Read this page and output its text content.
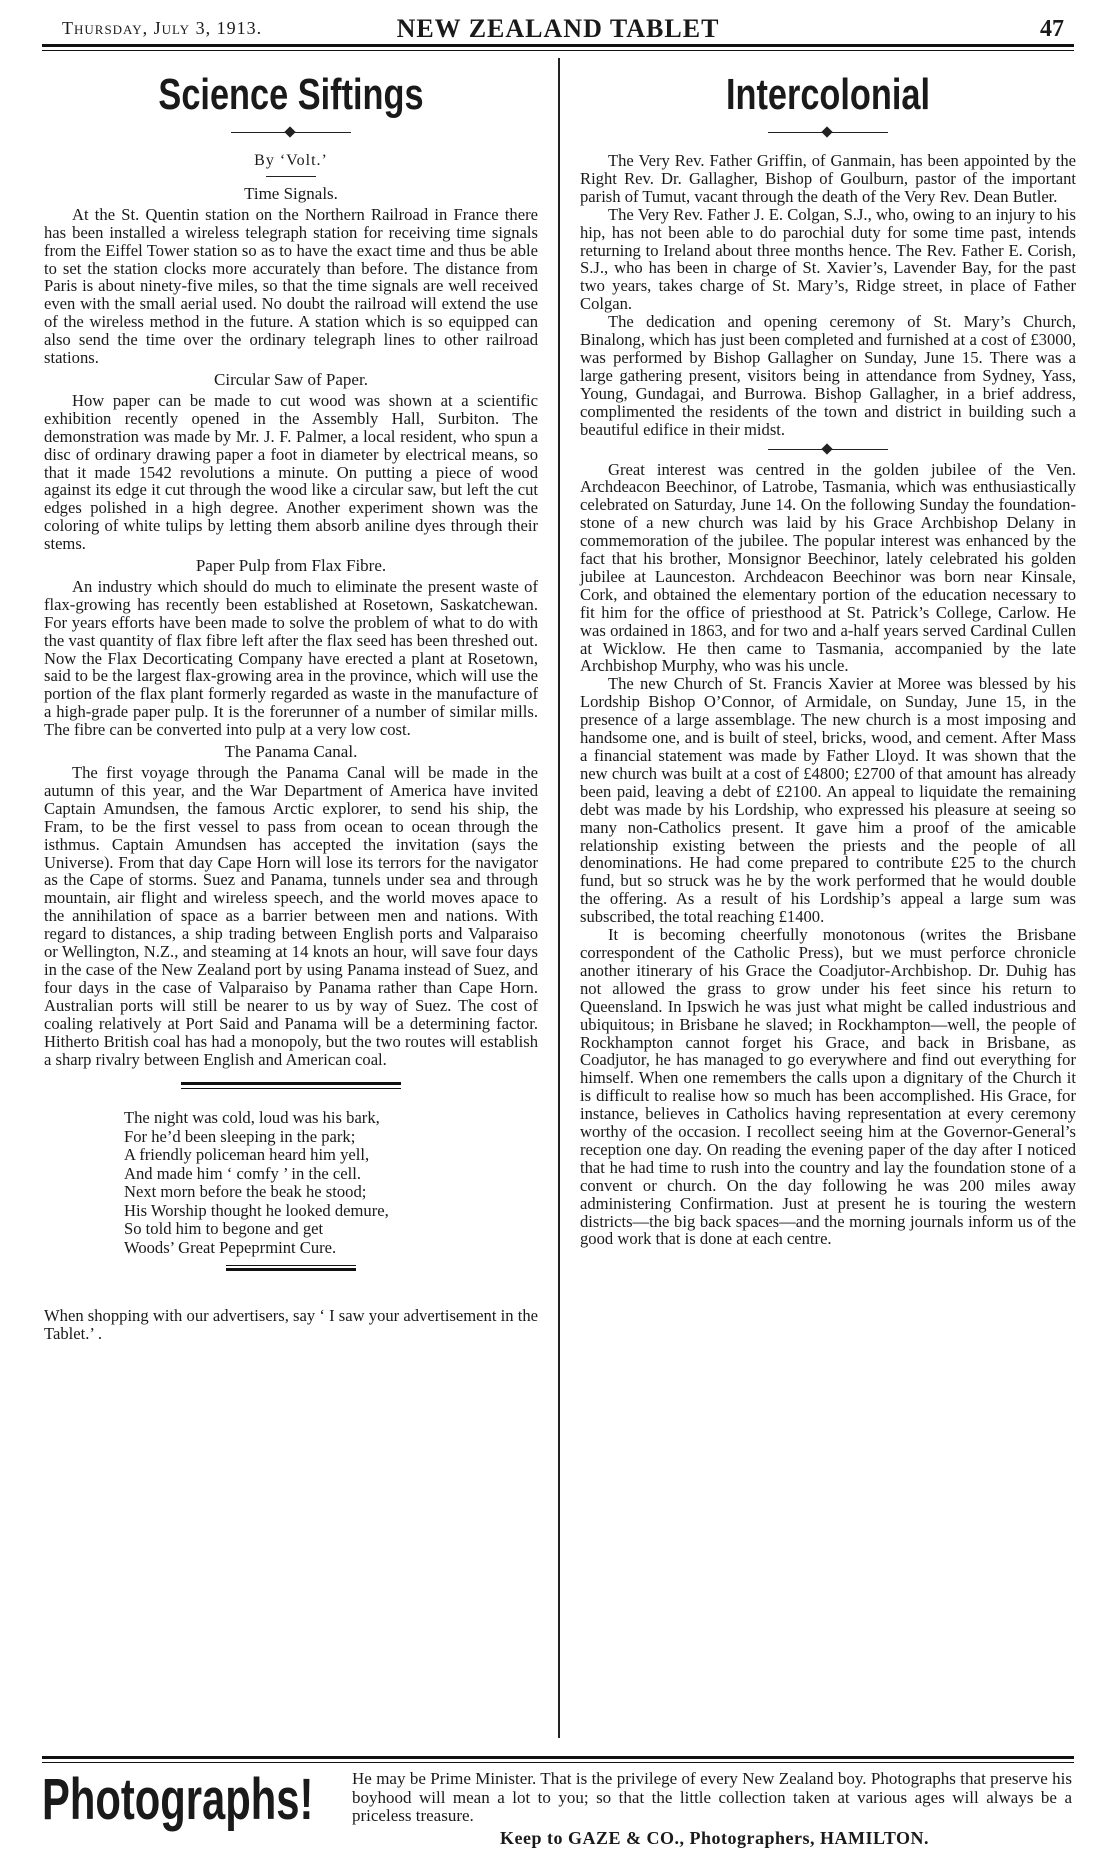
Thursday, July 3, 1913.	NEW ZEALAND TABLET	47
Science Siftings
By ‘Volt.’
Time Signals.

At the St. Quentin station on the Northern Railroad in France there has been installed a wireless telegraph station for receiving time signals from the Eiffel Tower station so as to have the exact time and thus be able to set the station clocks more accurately than before. The distance from Paris is about ninety-five miles, so that the time signals are well received even with the small aerial used. No doubt the railroad will extend the use of the wireless method in the future. A station which is so equipped can also send the time over the ordinary telegraph lines to other railroad stations.

Circular Saw of Paper.

How paper can be made to cut wood was shown at a scientific exhibition recently opened in the Assembly Hall, Surbiton. The demonstration was made by Mr. J. F. Palmer, a local resident, who spun a disc of ordinary drawing paper a foot in diameter by electrical means, so that it made 1542 revolutions a minute. On putting a piece of wood against its edge it cut through the wood like a circular saw, but left the cut edges polished in a high degree. Another experiment shown was the coloring of white tulips by letting them absorb aniline dyes through their stems.

Paper Pulp from Flax Fibre.

An industry which should do much to eliminate the present waste of flax-growing has recently been established at Rosetown, Saskatchewan. For years efforts have been made to solve the problem of what to do with the vast quantity of flax fibre left after the flax seed has been threshed out. Now the Flax Decorticating Company have erected a plant at Rosetown, said to be the largest flax-growing area in the province, which will use the portion of the flax plant formerly regarded as waste in the manufacture of a high-grade paper pulp. It is the forerunner of a number of similar mills. The fibre can be converted into pulp at a very low cost.

The Panama Canal.

The first voyage through the Panama Canal will be made in the autumn of this year, and the War Department of America have invited Captain Amundsen, the famous Arctic explorer, to send his ship, the Fram, to be the first vessel to pass from ocean to ocean through the isthmus. Captain Amundsen has accepted the invitation (says the Universe). From that day Cape Horn will lose its terrors for the navigator as the Cape of storms. Suez and Panama, tunnels under sea and through mountain, air flight and wireless speech, and the world moves apace to the annihilation of space as a barrier between men and nations. With regard to distances, a ship trading between English ports and Valparaiso or Wellington, N.Z., and steaming at 14 knots an hour, will save four days in the case of the New Zealand port by using Panama instead of Suez, and four days in the case of Valparaiso by Panama rather than Cape Horn. Australian ports will still be nearer to us by way of Suez. The cost of coaling relatively at Port Said and Panama will be a determining factor. Hitherto British coal has had a monopoly, but the two routes will establish a sharp rivalry between English and American coal.

The night was cold, loud was his bark,
For he’d been sleeping in the park;
A friendly policeman heard him yell,
And made him ‘ comfy ’ in the cell.
Next morn before the beak he stood;
His Worship thought he looked demure,
So told him to begone and get
Woods’ Great Pepeprmint Cure.
When shopping with our advertisers, say ‘ I saw your advertisement in the Tablet.’ .
Intercolonial

The Very Rev. Father Griffin, of Ganmain, has been appointed by the Right Rev. Dr. Gallagher, Bishop of Goulburn, pastor of the important parish of Tumut, vacant through the death of the Very Rev. Dean Butler.

The Very Rev. Father J. E. Colgan, S.J., who, owing to an injury to his hip, has not been able to do parochial duty for some time past, intends returning to Ireland about three months hence. The Rev. Father E. Corish, S.J., who has been in charge of St. Xavier’s, Lavender Bay, for the past two years, takes charge of St. Mary’s, Ridge street, in place of Father Colgan.

The dedication and opening ceremony of St. Mary’s Church, Binalong, which has just been completed and furnished at a cost of £3000, was performed by Bishop Gallagher on Sunday, June 15. There was a large gathering present, visitors being in attendance from Sydney, Yass, Young, Gundagai, and Burrowa. Bishop Gallagher, in a brief address, complimented the residents of the town and district in building such a beautiful edifice in their midst.

Great interest was centred in the golden jubilee of the Ven. Archdeacon Beechinor, of Latrobe, Tasmania, which was enthusiastically celebrated on Saturday, June 14. On the following Sunday the foundation-stone of a new church was laid by his Grace Archbishop Delany in commemoration of the jubilee. The popular interest was enhanced by the fact that his brother, Monsignor Beechinor, lately celebrated his golden jubilee at Launceston. Archdeacon Beechinor was born near Kinsale, Cork, and obtained the elementary portion of the education necessary to fit him for the office of priesthood at St. Patrick’s College, Carlow. He was ordained in 1863, and for two and a-half years served Cardinal Cullen at Wicklow. He then came to Tasmania, accompanied by the late Archbishop Murphy, who was his uncle.

The new Church of St. Francis Xavier at Moree was blessed by his Lordship Bishop O’Connor, of Armidale, on Sunday, June 15, in the presence of a large assemblage. The new church is a most imposing and handsome one, and is built of steel, bricks, wood, and cement. After Mass a financial statement was made by Father Lloyd. It was shown that the new church was built at a cost of £4800; £2700 of that amount has already been paid, leaving a debt of £2100. An appeal to liquidate the remaining debt was made by his Lordship, who expressed his pleasure at seeing so many non-Catholics present. It gave him a proof of the amicable relationship existing between the priests and the people of all denominations. He had come prepared to contribute £25 to the church fund, but so struck was he by the work performed that he would double the offering. As a result of his Lordship’s appeal a large sum was subscribed, the total reaching £1400.

It is becoming cheerfully monotonous (writes the Brisbane correspondent of the Catholic Press), but we must perforce chronicle another itinerary of his Grace the Coadjutor-Archbishop. Dr. Duhig has not allowed the grass to grow under his feet since his return to Queensland. In Ipswich he was just what might be called industrious and ubiquitous; in Brisbane he slaved; in Rockhampton—well, the people of Rockhampton cannot forget his Grace, and back in Brisbane, as Coadjutor, he has managed to go everywhere and find out everything for himself. When one remembers the calls upon a dignitary of the Church it is difficult to realise how so much has been accomplished. His Grace, for instance, believes in Catholics having representation at every ceremony worthy of the occasion. I recollect seeing him at the Governor-General’s reception one day. On reading the evening paper of the day after I noticed that he had time to rush into the country and lay the foundation stone of a convent or church. On the day following he was 200 miles away administering Confirmation. Just at present he is touring the western districts—the big back spaces—and the morning journals inform us of the good work that is done at each centre.

Photographs! He may be Prime Minister. That is the privilege of every New Zealand boy. Photographs that preserve his boyhood will mean a lot to you; so that the little collection taken at various ages will always be a priceless treasure.
Keep to GAZE & CO., Photographers, HAMILTON.
